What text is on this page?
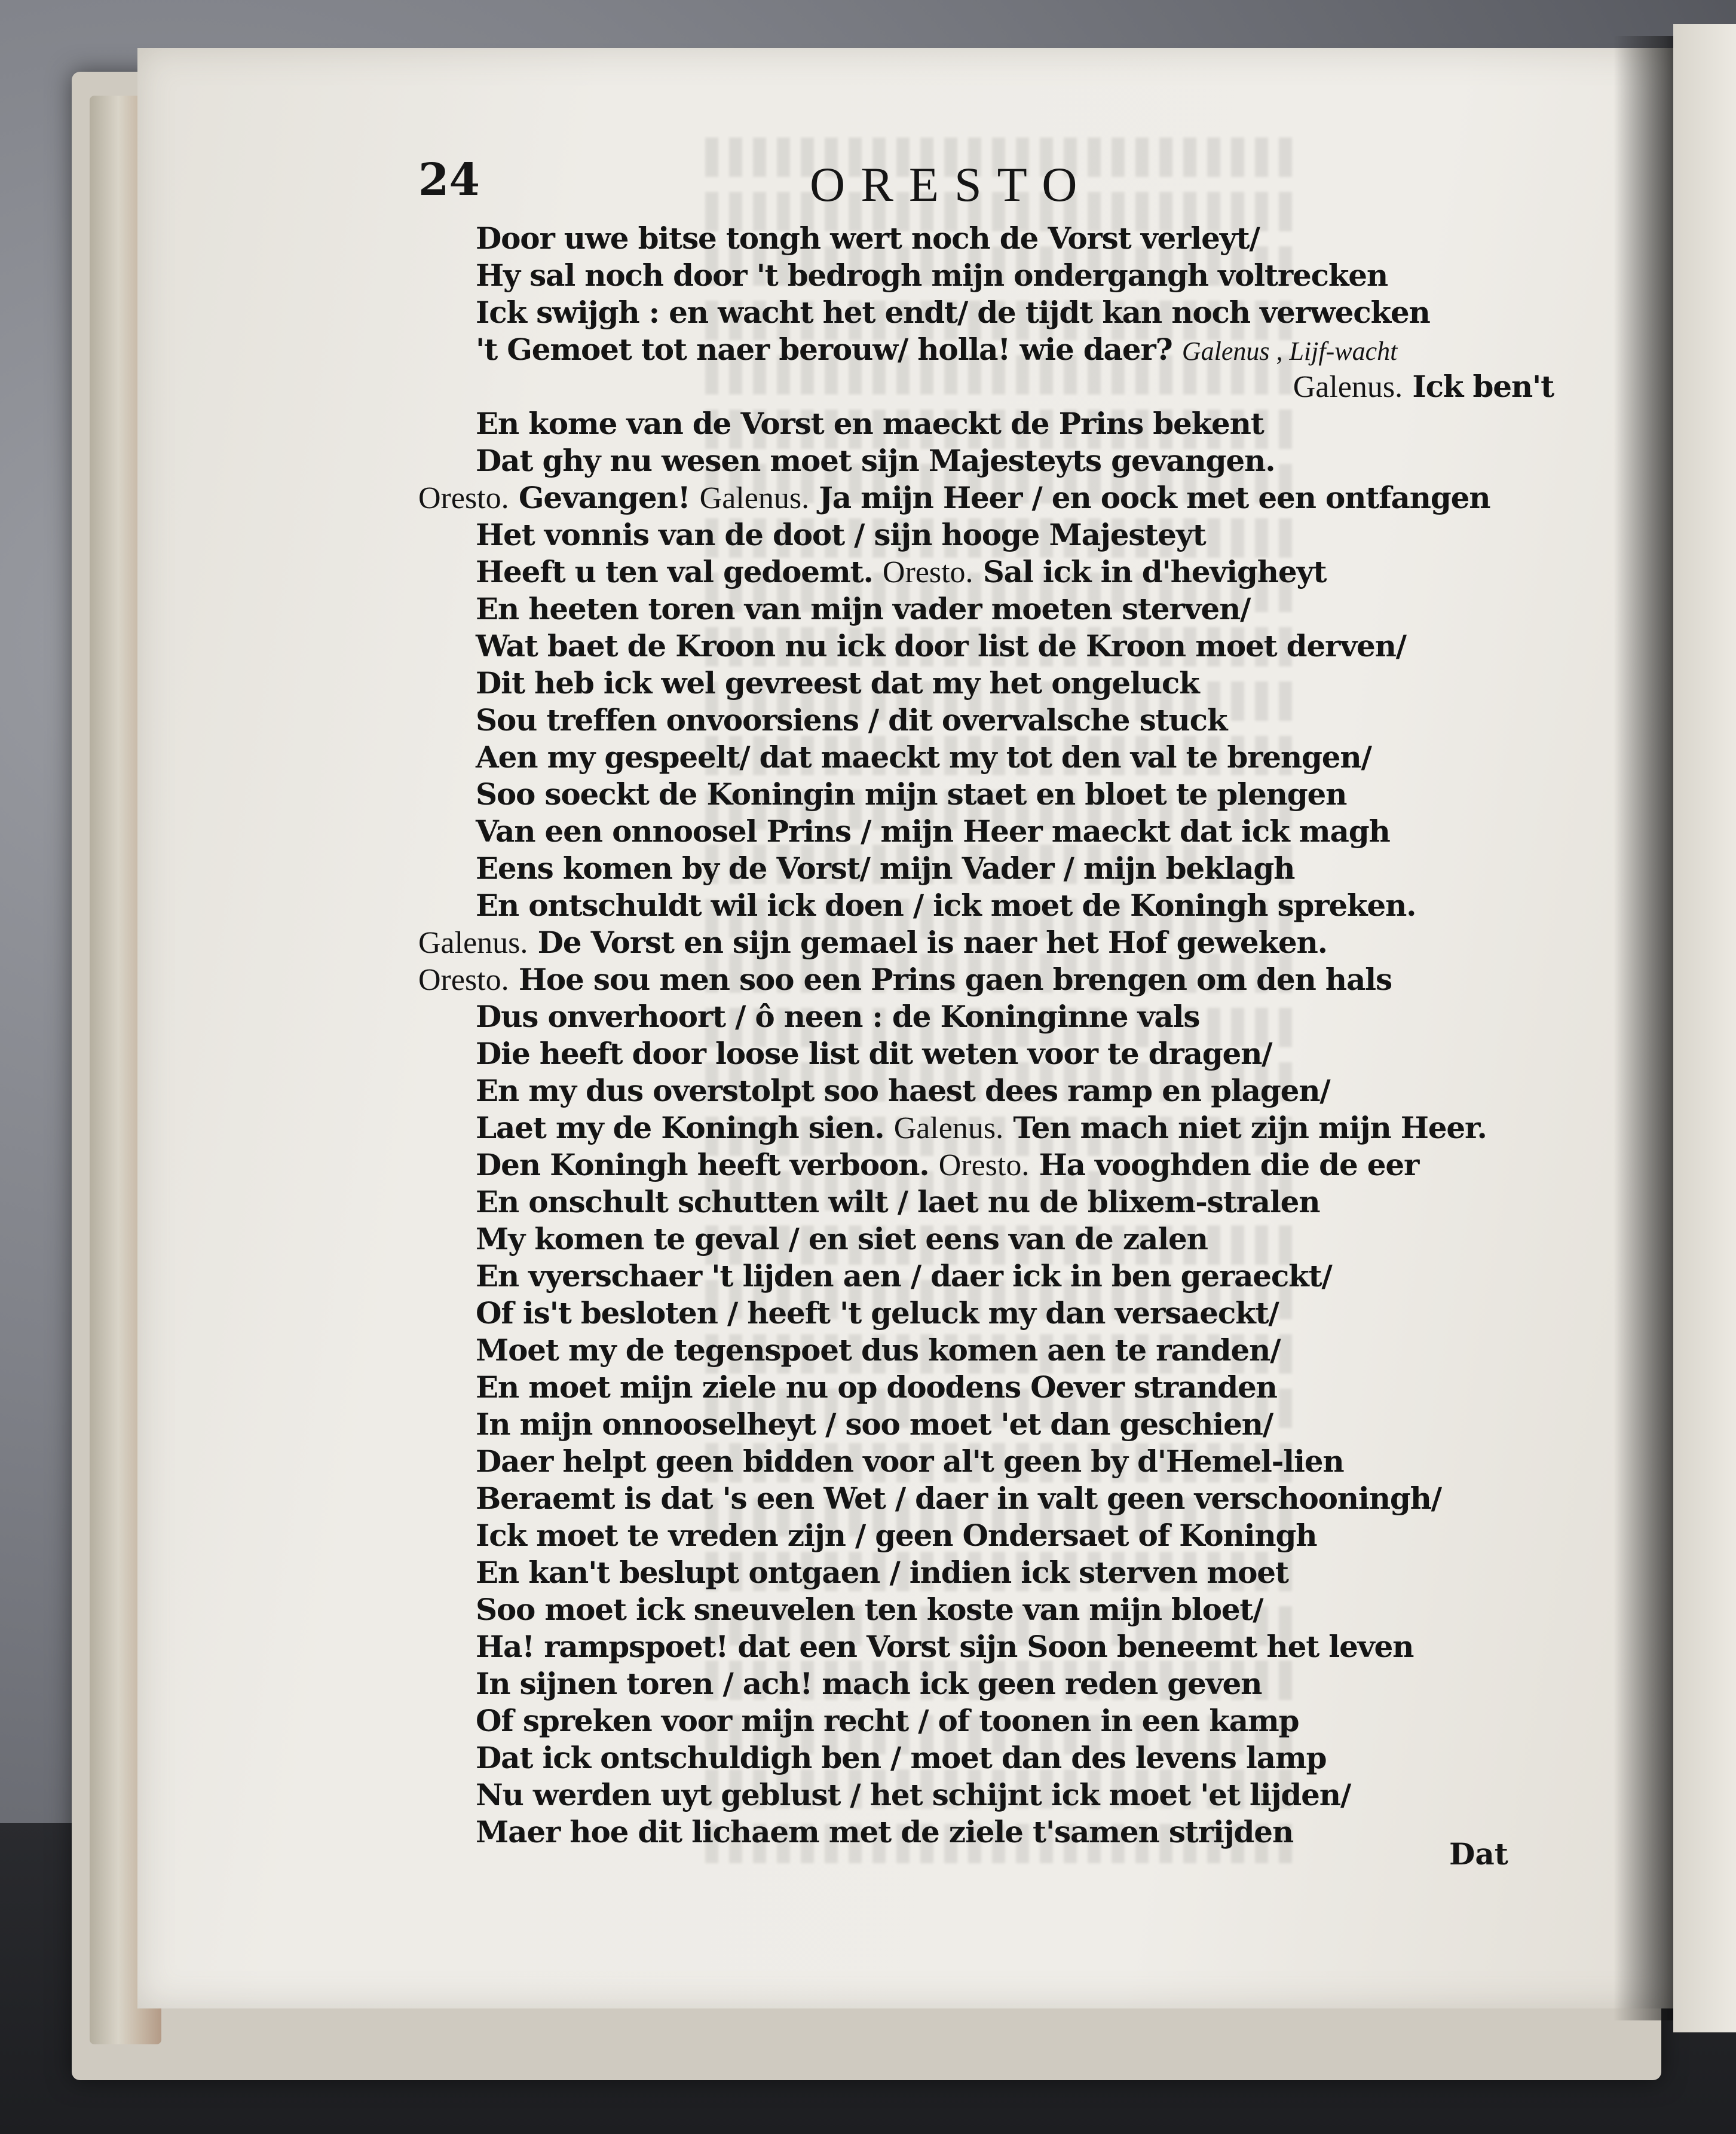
24	ORESTO
Door uwe bitse tongh wert noch de Vorst verleyt/
Hy sal noch door 't bedrogh mijn ondergangh voltrecken
Ick swijgh : en wacht het endt/ de tijdt kan noch verwecken
't Gemoet tot naer berouw/ holla! wie daer? Galenus , Lijf-wacht
Galenus. Ick ben't
En kome van de Vorst en maeckt de Prins bekent
Dat ghy nu wesen moet sijn Majesteyts gevangen.
Oresto. Gevangen! Galenus. Ja mijn Heer / en oock met een ontfangen
Het vonnis van de doot / sijn hooge Majesteyt
Heeft u ten val gedoemt. Oresto. Sal ick in d'hevigheyt
En heeten toren van mijn vader moeten sterven/
Wat baet de Kroon nu ick door list de Kroon moet derven/
Dit heb ick wel gevreest dat my het ongeluck
Sou treffen onvoorsiens / dit overvalsche stuck
Aen my gespeelt/ dat maeckt my tot den val te brengen/
Soo soeckt de Koningin mijn staet en bloet te plengen
Van een onnoosel Prins / mijn Heer maeckt dat ick magh
Eens komen by de Vorst/ mijn Vader / mijn beklagh
En ontschuldt wil ick doen / ick moet de Koningh spreken.
Galenus. De Vorst en sijn gemael is naer het Hof geweken.
Oresto. Hoe sou men soo een Prins gaen brengen om den hals
Dus onverhoort / ô neen : de Koninginne vals
Die heeft door loose list dit weten voor te dragen/
En my dus overstolpt soo haest dees ramp en plagen/
Laet my de Koningh sien. Galenus. Ten mach niet zijn mijn Heer.
Den Koningh heeft verboon. Oresto. Ha vooghden die de eer
En onschult schutten wilt / laet nu de blixem-stralen
My komen te geval / en siet eens van de zalen
En vyerschaer 't lijden aen / daer ick in ben geraeckt/
Of is't besloten / heeft 't geluck my dan versaeckt/
Moet my de tegenspoet dus komen aen te randen/
En moet mijn ziele nu op doodens Oever stranden
In mijn onnooselheyt / soo moet 'et dan geschien/
Daer helpt geen bidden voor al't geen by d'Hemel-lien
Beraemt is dat 's een Wet / daer in valt geen verschooningh/
Ick moet te vreden zijn / geen Ondersaet of Koningh
En kan't beslupt ontgaen / indien ick sterven moet
Soo moet ick sneuvelen ten koste van mijn bloet/
Ha! rampspoet! dat een Vorst sijn Soon beneemt het leven
In sijnen toren / ach! mach ick geen reden geven
Of spreken voor mijn recht / of toonen in een kamp
Dat ick ontschuldigh ben / moet dan des levens lamp
Nu werden uyt geblust / het schijnt ick moet 'et lijden/
Maer hoe dit lichaem met de ziele t'samen strijden
Dat
